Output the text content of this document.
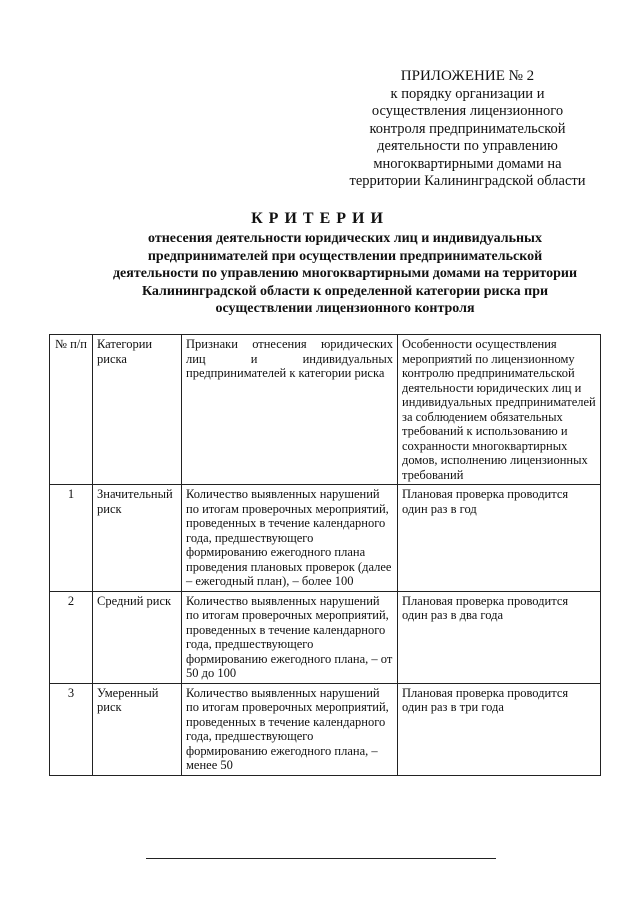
ПРИЛОЖЕНИЕ № 2
к порядку организации и
осуществления лицензионного
контроля предпринимательской
деятельности по управлению
многоквартирными домами на
территории Калининградской области
КРИТЕРИИ
отнесения деятельности юридических лиц и индивидуальных
предпринимателей при осуществлении предпринимательской
деятельности по управлению многоквартирными домами на территории
Калининградской области к определенной категории риска при
осуществлении лицензионного контроля
№ п/п	Категории риска	Признаки отнесения юридических лиц и индивидуальных предпринимателей к категории риска	Особенности осуществления мероприятий по лицензионному контролю предпринимательской деятельности юридических лиц и индивидуальных предпринимателей за соблюдением обязательных требований к использованию и сохранности многоквартирных домов, исполнению лицензионных требований
1	Значительный риск	Количество выявленных нарушений по итогам проверочных мероприятий, проведенных в течение календарного года, предшествующего формированию ежегодного плана проведения плановых проверок (далее – ежегодный план), – более 100	Плановая проверка проводится один раз в год
2	Средний риск	Количество выявленных нарушений по итогам проверочных мероприятий, проведенных в течение календарного года, предшествующего формированию ежегодного плана, – от 50 до 100	Плановая проверка проводится один раз в два года
3	Умеренный риск	Количество выявленных нарушений по итогам проверочных мероприятий, проведенных в течение календарного года, предшествующего формированию ежегодного плана, – менее 50	Плановая проверка проводится один раз в три года
